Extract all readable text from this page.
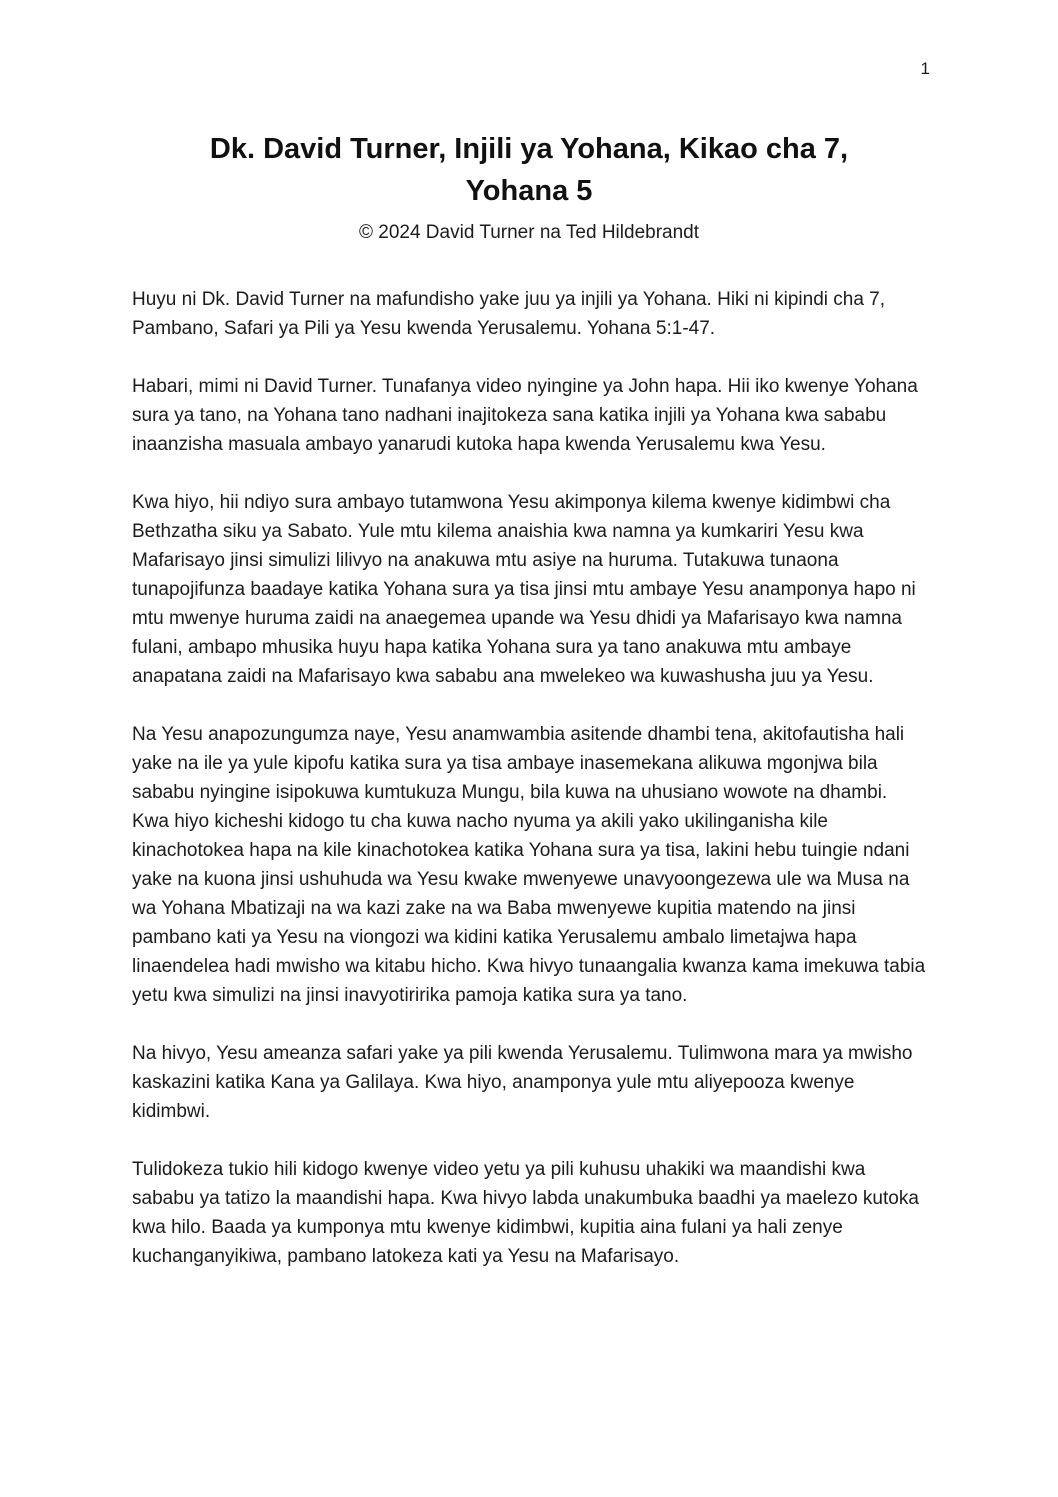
1
Dk. David Turner, Injili ya Yohana, Kikao cha 7,
Yohana 5
© 2024 David Turner na Ted Hildebrandt

Huyu ni Dk. David Turner na mafundisho yake juu ya injili ya Yohana. Hiki ni kipindi cha 7, Pambano, Safari ya Pili ya Yesu kwenda Yerusalemu. Yohana 5:1-47.

Habari, mimi ni David Turner. Tunafanya video nyingine ya John hapa. Hii iko kwenye Yohana sura ya tano, na Yohana tano nadhani inajitokeza sana katika injili ya Yohana kwa sababu inaanzisha masuala ambayo yanarudi kutoka hapa kwenda Yerusalemu kwa Yesu.

Kwa hiyo, hii ndiyo sura ambayo tutamwona Yesu akimponya kilema kwenye kidimbwi cha Bethzatha siku ya Sabato. Yule mtu kilema anaishia kwa namna ya kumkariri Yesu kwa Mafarisayo jinsi simulizi lilivyo na anakuwa mtu asiye na huruma. Tutakuwa tunaona tunapojifunza baadaye katika Yohana sura ya tisa jinsi mtu ambaye Yesu anamponya hapo ni mtu mwenye huruma zaidi na anaegemea upande wa Yesu dhidi ya Mafarisayo kwa namna fulani, ambapo mhusika huyu hapa katika Yohana sura ya tano anakuwa mtu ambaye anapatana zaidi na Mafarisayo kwa sababu ana mwelekeo wa kuwashusha juu ya Yesu.

Na Yesu anapozungumza naye, Yesu anamwambia asitende dhambi tena, akitofautisha hali yake na ile ya yule kipofu katika sura ya tisa ambaye inasemekana alikuwa mgonjwa bila sababu nyingine isipokuwa kumtukuza Mungu, bila kuwa na uhusiano wowote na dhambi. Kwa hiyo kicheshi kidogo tu cha kuwa nacho nyuma ya akili yako ukilinganisha kile kinachotokea hapa na kile kinachotokea katika Yohana sura ya tisa, lakini hebu tuingie ndani yake na kuona jinsi ushuhuda wa Yesu kwake mwenyewe unavyoongezewa ule wa Musa na wa Yohana Mbatizaji na wa kazi zake na wa Baba mwenyewe kupitia matendo na jinsi pambano kati ya Yesu na viongozi wa kidini katika Yerusalemu ambalo limetajwa hapa linaendelea hadi mwisho wa kitabu hicho. Kwa hivyo tunaangalia kwanza kama imekuwa tabia yetu kwa simulizi na jinsi inavyotiririka pamoja katika sura ya tano.

Na hivyo, Yesu ameanza safari yake ya pili kwenda Yerusalemu. Tulimwona mara ya mwisho kaskazini katika Kana ya Galilaya. Kwa hiyo, anamponya yule mtu aliyepooza kwenye kidimbwi.

Tulidokeza tukio hili kidogo kwenye video yetu ya pili kuhusu uhakiki wa maandishi kwa sababu ya tatizo la maandishi hapa. Kwa hivyo labda unakumbuka baadhi ya maelezo kutoka kwa hilo. Baada ya kumponya mtu kwenye kidimbwi, kupitia aina fulani ya hali zenye kuchanganyikiwa, pambano latokeza kati ya Yesu na Mafarisayo.
